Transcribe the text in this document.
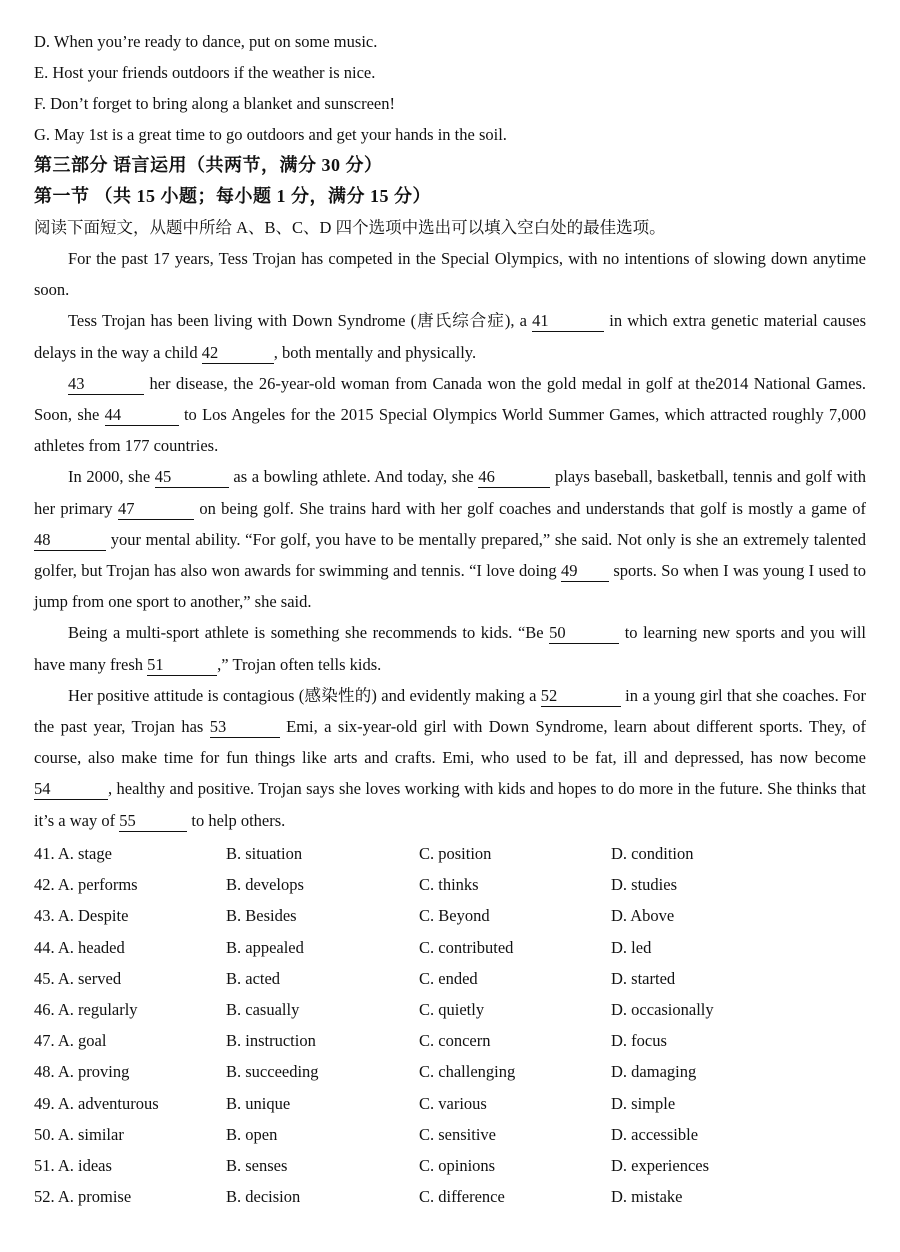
D. When you’re ready to dance, put on some music.
E. Host your friends outdoors if the weather is nice.
F. Don’t forget to bring along a blanket and sunscreen!
G. May 1st is a great time to go outdoors and get your hands in the soil.
第三部分 语言运用（共两节，满分 30 分）
第一节 （共 15 小题；每小题 1 分，满分 15 分）
阅读下面短文，从题中所给 A、B、C、D 四个选项中选出可以填入空白处的最佳选项。

For the past 17 years, Tess Trojan has competed in the Special Olympics, with no intentions of slowing down anytime soon.

Tess Trojan has been living with Down Syndrome (唐氏综合症), a 41	in which extra genetic material causes delays in the way a child 42	, both mentally and physically.

43	her disease, the 26-year-old woman from Canada won the gold medal in golf at the2014 National Games. Soon, she 44	to Los Angeles for the 2015 Special Olympics World Summer Games, which attracted roughly 7,000 athletes from 177 countries.

In 2000, she 45	as a bowling athlete. And today, she 46	plays baseball, basketball, tennis and golf with her primary 47	on being golf. She trains hard with her golf coaches and understands that golf is mostly a game of 48	your mental ability. “For golf, you have to be mentally prepared,” she said. Not only is she an extremely talented golfer, but Trojan has also won awards for swimming and tennis. “I love doing 49 sports. So when I was young I used to jump from one sport to another,” she said.

Being a multi-sport athlete is something she recommends to kids. “Be 50	to learning new sports and you will have many fresh 51	,” Trojan often tells kids.

Her positive attitude is contagious (感染性的) and evidently making a 52	in a young girl that she coaches. For the past year, Trojan has 53	Emi, a six-year-old girl with Down Syndrome, learn about different sports. They, of course, also make time for fun things like arts and crafts. Emi, who used to be fat, ill and depressed, has now become 54	, healthy and positive. Trojan says she loves working with kids and hopes to do more in the future. She thinks that it’s a way of 55	to help others.

41. A. stage	B. situation	C. position	D. condition
42. A. performs	B. develops	C. thinks	D. studies
43. A. Despite	B. Besides	C. Beyond	D. Above
44. A. headed	B. appealed	C. contributed	D. led
45. A. served	B. acted	C. ended	D. started
46. A. regularly	B. casually	C. quietly	D. occasionally
47. A. goal	B. instruction	C. concern	D. focus
48. A. proving	B. succeeding	C. challenging	D. damaging
49. A. adventurous	B. unique	C. various	D. simple
50. A. similar	B. open	C. sensitive	D. accessible
51. A. ideas	B. senses	C. opinions	D. experiences
52. A. promise	B. decision	C. difference	D. mistake
